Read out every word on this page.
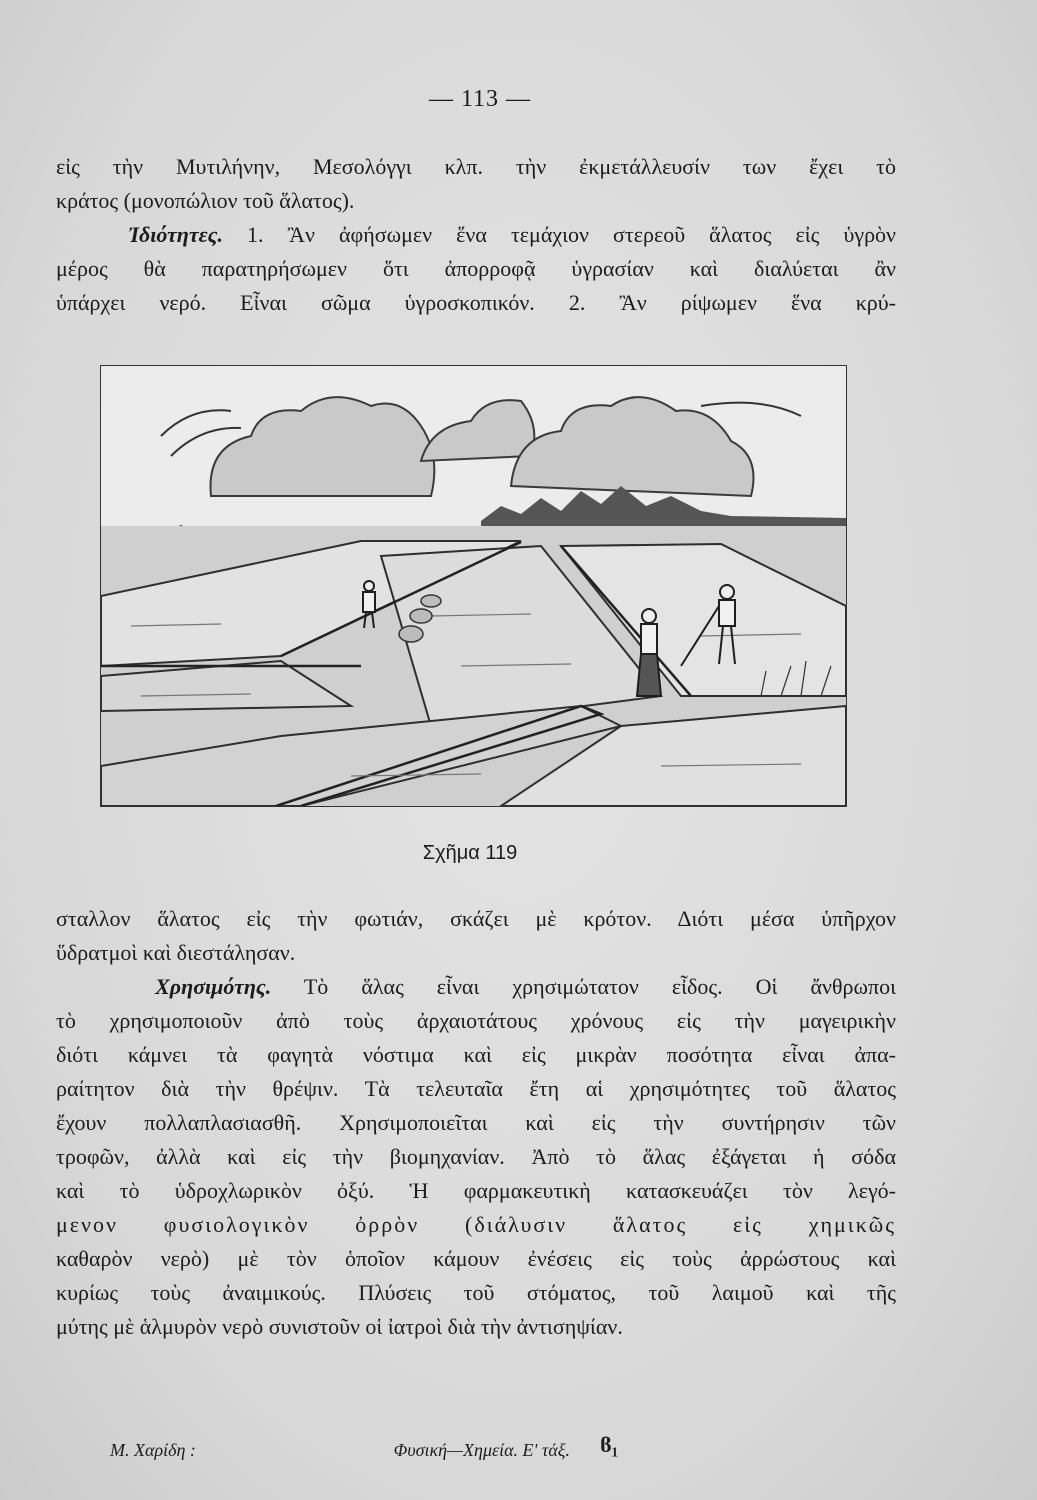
— 113 —
εἰς τὴν Μυτιλήνην, Μεσολόγγι κλπ. τὴν ἐκμετάλλευσίν των ἔχει τὸ
κράτος (μονοπώλιον τοῦ ἅλατος).
Ἰδιότητες. 1. Ἂν ἀφήσωμεν ἕνα τεμάχιον στερεοῦ ἅλατος εἰς ὑγρὸν
μέρος θὰ παρατηρήσωμεν ὅτι ἀπορροφᾷ ὑγρασίαν καὶ διαλύεται ἂν
ὑπάρχει νερό. Εἶναι σῶμα ὑγροσκοπικόν. 2. Ἂν ρίψωμεν ἕνα κρύ-
Σχῆμα 119
σταλλον ἅλατος εἰς τὴν φωτιάν, σκάζει μὲ κρότον. Διότι μέσα ὑπῆρχον
ὕδρατμοὶ καὶ διεστάλησαν.
Χρησιμότης. Τὸ ἅλας εἶναι χρησιμώτατον εἶδος. Οἱ ἄνθρωποι
τὸ χρησιμοποιοῦν ἀπὸ τοὺς ἀρχαιοτάτους χρόνους εἰς τὴν μαγειρικὴν
διότι κάμνει τὰ φαγητὰ νόστιμα καὶ εἰς μικρὰν ποσότητα εἶναι ἀπα-
ραίτητον διὰ τὴν θρέψιν. Τὰ τελευταῖα ἔτη αἱ χρησιμότητες τοῦ ἅλατος
ἔχουν πολλαπλασιασθῆ. Χρησιμοποιεῖται καὶ εἰς τὴν συντήρησιν τῶν
τροφῶν, ἀλλὰ καὶ εἰς τὴν βιομηχανίαν. Ἀπὸ τὸ ἅλας ἐξάγεται ἡ σόδα
καὶ τὸ ὑδροχλωρικὸν ὀξύ. Ἡ φαρμακευτικὴ κατασκευάζει τὸν λεγό-
μενον φυσιολογικὸν ὀρρὸν (διάλυσιν ἅλατος εἰς χημικῶς
καθαρὸν νερὸ) μὲ τὸν ὁποῖον κάμουν ἐνέσεις εἰς τοὺς ἀρρώστους καὶ
κυρίως τοὺς ἀναιμικούς. Πλύσεις τοῦ στόματος, τοῦ λαιμοῦ καὶ τῆς
μύτης μὲ ἁλμυρὸν νερὸ συνιστοῦν οἱ ἰατροὶ διὰ τὴν ἀντισηψίαν.
Μ. Χαρίδη :	Φυσική—Χημεία. Ε' τάξ. ϐ₁
